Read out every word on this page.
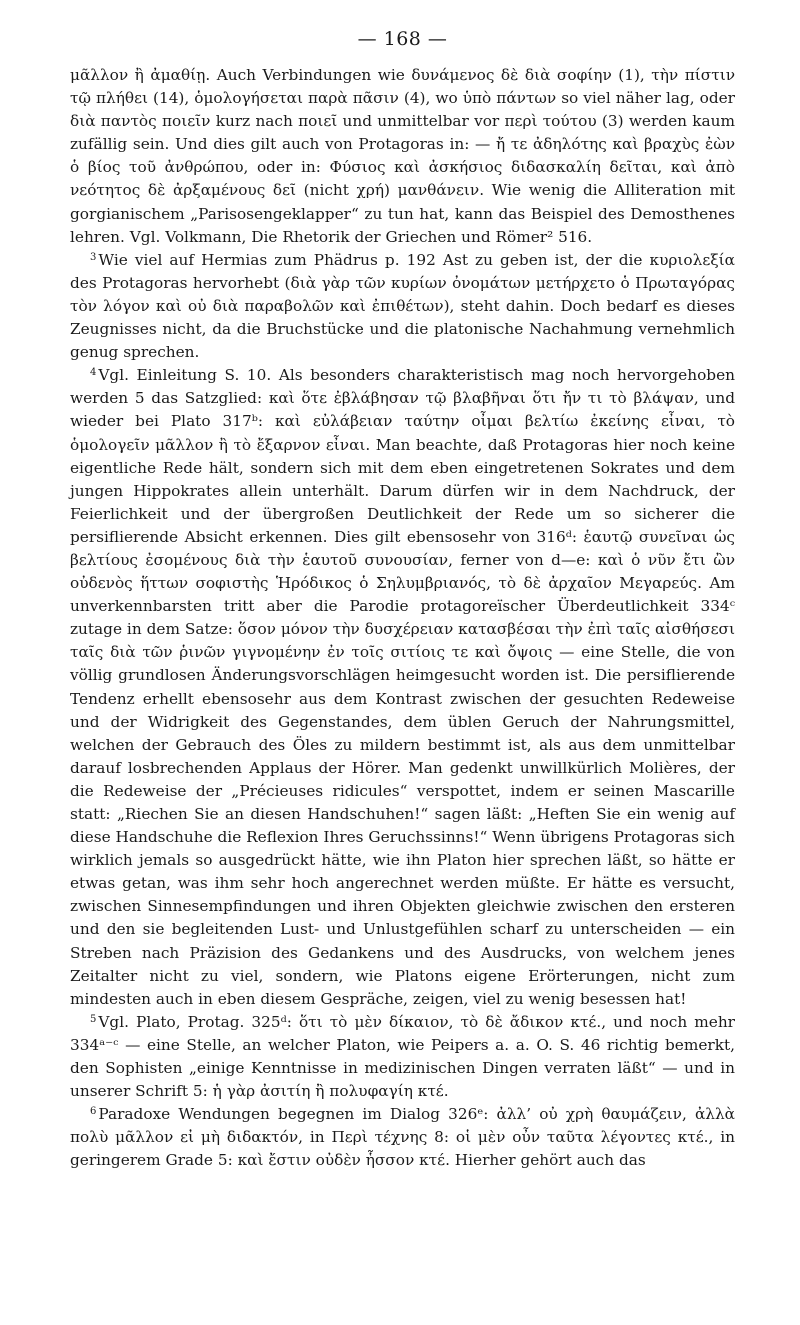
— 168 —

μᾶλλον ἢ ἀμαθίῃ. Auch Verbindungen wie δυνάμενος δὲ διὰ σοφίην (1), τὴν πίστιν τῷ πλήθει (14), ὁμολογήσεται παρὰ πᾶσιν (4), wo ὑπὸ πάντων so viel näher lag, oder διὰ παντὸς ποιεῖν kurz nach ποιεῖ und unmittelbar vor περὶ τούτου (3) werden kaum zufällig sein. Und dies gilt auch von Protagoras in: — ἤ τε ἀδηλότης καὶ βραχὺς ἐὼν ὁ βίος τοῦ ἀνθρώπου, oder in: Φύσιος καὶ ἀσκήσιος διδασκαλίη δεῖται, καὶ ἀπὸ νεότητος δὲ ἀρξαμένους δεῖ (nicht χρή) μανθάνειν. Wie wenig die Alliteration mit gorgianischem „Parisosengeklapper“ zu tun hat, kann das Beispiel des Demosthenes lehren. Vgl. Volkmann, Die Rhetorik der Griechen und Römer² 516.

$^3$ Wie viel auf Hermias zum Phädrus p. 192 Ast zu geben ist, der die κυριολεξία des Protagoras hervorhebt (διὰ γὰρ τῶν κυρίων ὀνομάτων μετήρχετο ὁ Πρωταγόρας τὸν λόγον καὶ οὐ διὰ παραβολῶν καὶ ἐπιθέτων), steht dahin. Doch bedarf es dieses Zeugnisses nicht, da die Bruchstücke und die platonische Nachahmung vernehmlich genug sprechen.

$^4$ Vgl. Einleitung S. 10. Als besonders charakteristisch mag noch hervorgehoben werden 5 das Satzglied: καὶ ὅτε ἐβλάβησαν τῷ βλαβῆναι ὅτι ἤν τι τὸ βλάψαν, und wieder bei Plato 317ᵇ: καὶ εὐλάβειαν ταύτην οἶμαι βελτίω ἐκείνης εἶναι, τὸ ὁμολογεῖν μᾶλλον ἢ τὸ ἔξαρνον εἶναι. Man beachte, daß Protagoras hier noch keine eigentliche Rede hält, sondern sich mit dem eben eingetretenen Sokrates und dem jungen Hippokrates allein unterhält. Darum dürfen wir in dem Nachdruck, der Feierlichkeit und der übergroßen Deutlichkeit der Rede um so sicherer die persiflierende Absicht erkennen. Dies gilt ebensosehr von 316ᵈ: ἑαυτῷ συνεῖναι ὡς βελτίους ἐσομένους διὰ τὴν ἑαυτοῦ συνουσίαν, ferner von d—e: καὶ ὁ νῦν ἔτι ὢν οὐδενὸς ἥττων σοφιστὴς Ἡρόδικος ὁ Σηλυμβριανός, τὸ δὲ ἀρχαῖον Μεγαρεύς. Am unverkennbarsten tritt aber die Parodie protagoreïscher Überdeutlichkeit 334ᶜ zutage in dem Satze: ὅσον μόνον τὴν δυσχέρειαν κατασβέσαι τὴν ἐπὶ ταῖς αἰσθήσεσι ταῖς διὰ τῶν ῥινῶν γιγνομένην ἐν τοῖς σιτίοις τε καὶ ὄψοις — eine Stelle, die von völlig grundlosen Änderungsvorschlägen heimgesucht worden ist. Die persiflierende Tendenz erhellt ebensosehr aus dem Kontrast zwischen der gesuchten Redeweise und der Widrigkeit des Gegenstandes, dem üblen Geruch der Nahrungsmittel, welchen der Gebrauch des Öles zu mildern bestimmt ist, als aus dem unmittelbar darauf losbrechenden Applaus der Hörer. Man gedenkt unwillkürlich Molières, der die Redeweise der „Précieuses ridicules“ verspottet, indem er seinen Mascarille statt: „Riechen Sie an diesen Handschuhen!“ sagen läßt: „Heften Sie ein wenig auf diese Handschuhe die Reflexion Ihres Geruchssinns!“ Wenn übrigens Protagoras sich wirklich jemals so ausgedrückt hätte, wie ihn Platon hier sprechen läßt, so hätte er etwas getan, was ihm sehr hoch angerechnet werden müßte. Er hätte es versucht, zwischen Sinnesempfindungen und ihren Objekten gleichwie zwischen den ersteren und den sie begleitenden Lust- und Unlustgefühlen scharf zu unterscheiden — ein Streben nach Präzision des Gedankens und des Ausdrucks, von welchem jenes Zeitalter nicht zu viel, sondern, wie Platons eigene Erörterungen, nicht zum mindesten auch in eben diesem Gespräche, zeigen, viel zu wenig besessen hat!

$^5$ Vgl. Plato, Protag. 325ᵈ: ὅτι τὸ μὲν δίκαιον, τὸ δὲ ἄδικον κτέ., und noch mehr 334ᵃ⁻ᶜ — eine Stelle, an welcher Platon, wie Peipers a. a. O. S. 46 richtig bemerkt, den Sophisten „einige Kenntnisse in medizinischen Dingen verraten läßt“ — und in unserer Schrift 5: ἡ γὰρ ἀσιτίη ἢ πολυφαγίη κτέ.

$^6$ Paradoxe Wendungen begegnen im Dialog 326ᵉ: ἀλλ’ οὐ χρὴ θαυμάζειν, ἀλλὰ πολὺ μᾶλλον εἰ μὴ διδακτόν, in Περὶ τέχνης 8: οἱ μὲν οὖν ταῦτα λέγοντες κτέ., in geringerem Grade 5: καὶ ἔστιν οὐδὲν ἧσσον κτέ. Hierher gehört auch das
